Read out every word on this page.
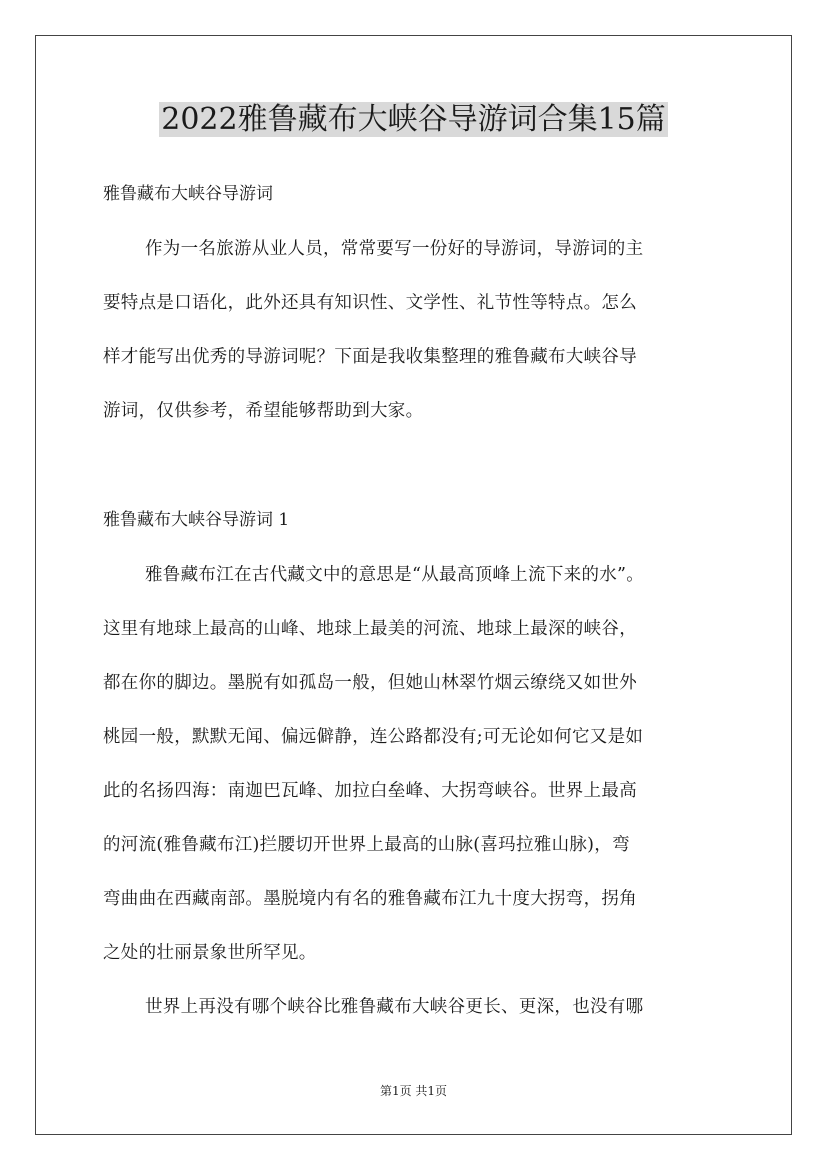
2022雅鲁藏布大峡谷导游词合集15篇
雅鲁藏布大峡谷导游词
作为一名旅游从业人员，常常要写一份好的导游词，导游词的主
要特点是口语化，此外还具有知识性、文学性、礼节性等特点。怎么
样才能写出优秀的导游词呢？下面是我收集整理的雅鲁藏布大峡谷导
游词，仅供参考，希望能够帮助到大家。
雅鲁藏布大峡谷导游词 1
雅鲁藏布江在古代藏文中的意思是“从最高顶峰上流下来的水”。
这里有地球上最高的山峰、地球上最美的河流、地球上最深的峡谷，
都在你的脚边。墨脱有如孤岛一般，但她山林翠竹烟云缭绕又如世外
桃园一般，默默无闻、偏远僻静，连公路都没有;可无论如何它又是如
此的名扬四海：南迦巴瓦峰、加拉白垒峰、大拐弯峡谷。世界上最高
的河流(雅鲁藏布江)拦腰切开世界上最高的山脉(喜玛拉雅山脉)，弯
弯曲曲在西藏南部。墨脱境内有名的雅鲁藏布江九十度大拐弯，拐角
之处的壮丽景象世所罕见。
世界上再没有哪个峡谷比雅鲁藏布大峡谷更长、更深，也没有哪
第1页 共1页
